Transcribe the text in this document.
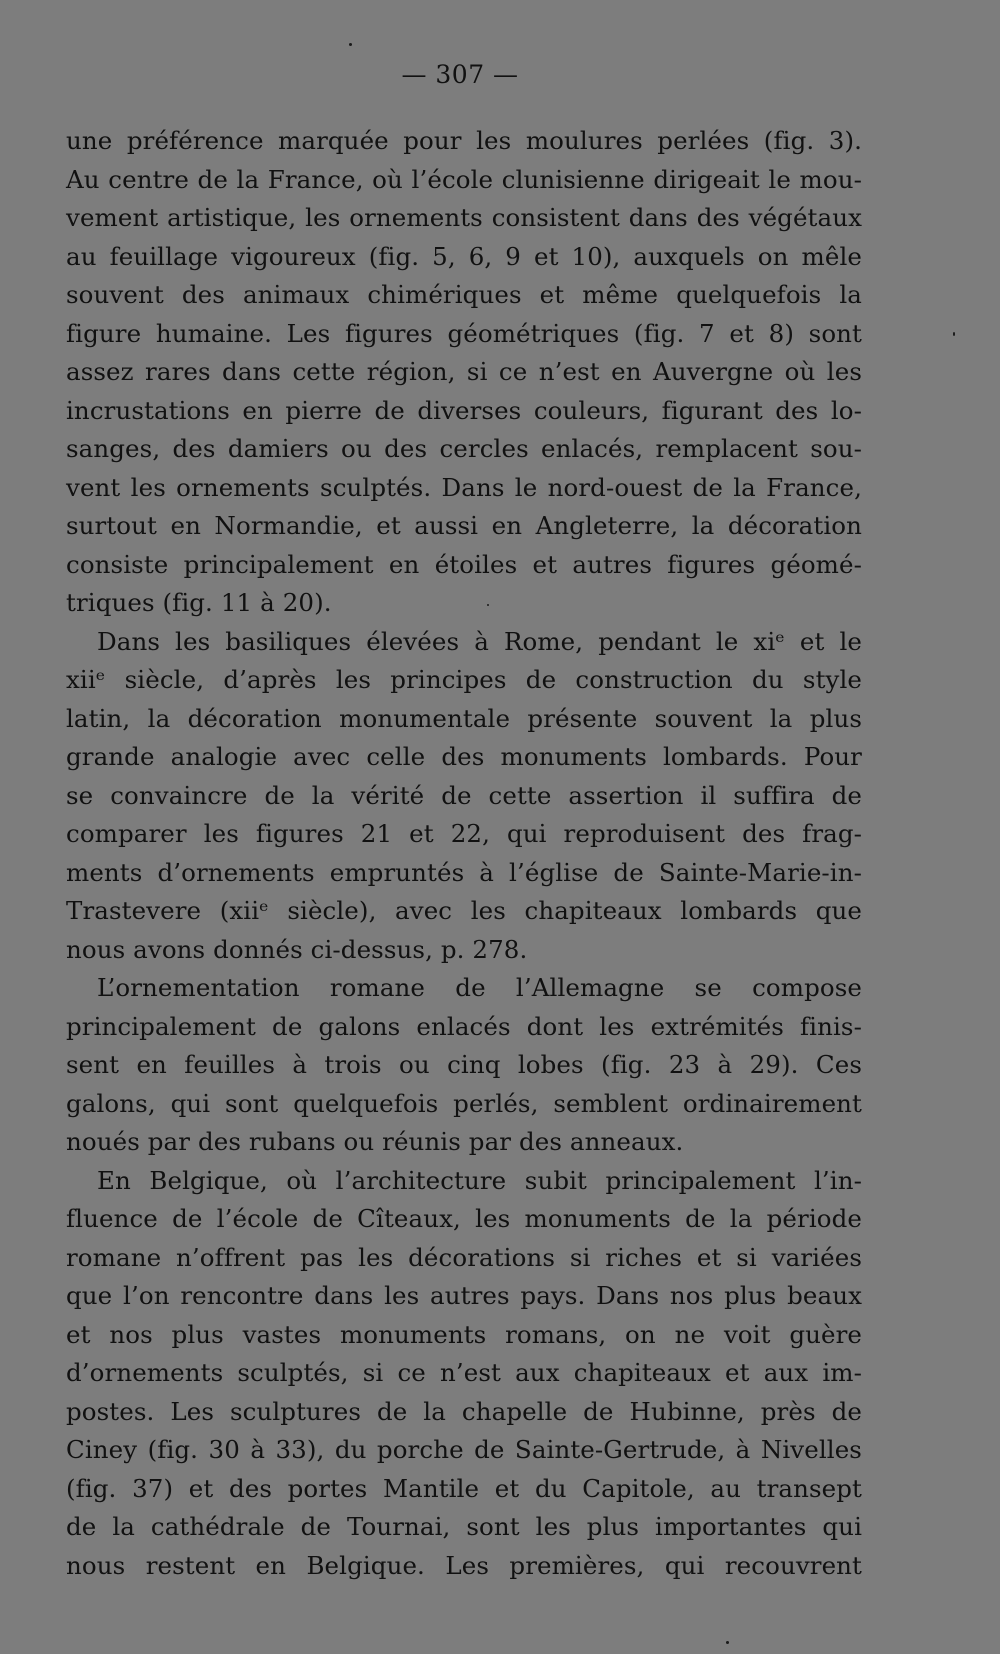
— 307 —
une préférence marquée pour les moulures perlées (fig. 3).
Au centre de la France, où l’école clunisienne dirigeait le mou-
vement artistique, les ornements consistent dans des végétaux
au feuillage vigoureux (fig. 5, 6, 9 et 10), auxquels on mêle
souvent des animaux chimériques et même quelquefois la
figure humaine. Les figures géométriques (fig. 7 et 8) sont
assez rares dans cette région, si ce n’est en Auvergne où les
incrustations en pierre de diverses couleurs, figurant des lo-
sanges, des damiers ou des cercles enlacés, remplacent sou-
vent les ornements sculptés. Dans le nord-ouest de la France,
surtout en Normandie, et aussi en Angleterre, la décoration
consiste principalement en étoiles et autres figures géomé-
triques (fig. 11 à 20).
Dans les basiliques élevées à Rome, pendant le xiᵉ et le
xiiᵉ siècle, d’après les principes de construction du style
latin, la décoration monumentale présente souvent la plus
grande analogie avec celle des monuments lombards. Pour
se convaincre de la vérité de cette assertion il suffira de
comparer les figures 21 et 22, qui reproduisent des frag-
ments d’ornements empruntés à l’église de Sainte-Marie-in-
Trastevere (xiiᵉ siècle), avec les chapiteaux lombards que
nous avons donnés ci-dessus, p. 278.
L’ornementation romane de l’Allemagne se compose
principalement de galons enlacés dont les extrémités finis-
sent en feuilles à trois ou cinq lobes (fig. 23 à 29). Ces
galons, qui sont quelquefois perlés, semblent ordinairement
noués par des rubans ou réunis par des anneaux.
En Belgique, où l’architecture subit principalement l’in-
fluence de l’école de Cîteaux, les monuments de la période
romane n’offrent pas les décorations si riches et si variées
que l’on rencontre dans les autres pays. Dans nos plus beaux
et nos plus vastes monuments romans, on ne voit guère
d’ornements sculptés, si ce n’est aux chapiteaux et aux im-
postes. Les sculptures de la chapelle de Hubinne, près de
Ciney (fig. 30 à 33), du porche de Sainte-Gertrude, à Nivelles
(fig. 37) et des portes Mantile et du Capitole, au transept
de la cathédrale de Tournai, sont les plus importantes qui
nous restent en Belgique. Les premières, qui recouvrent
